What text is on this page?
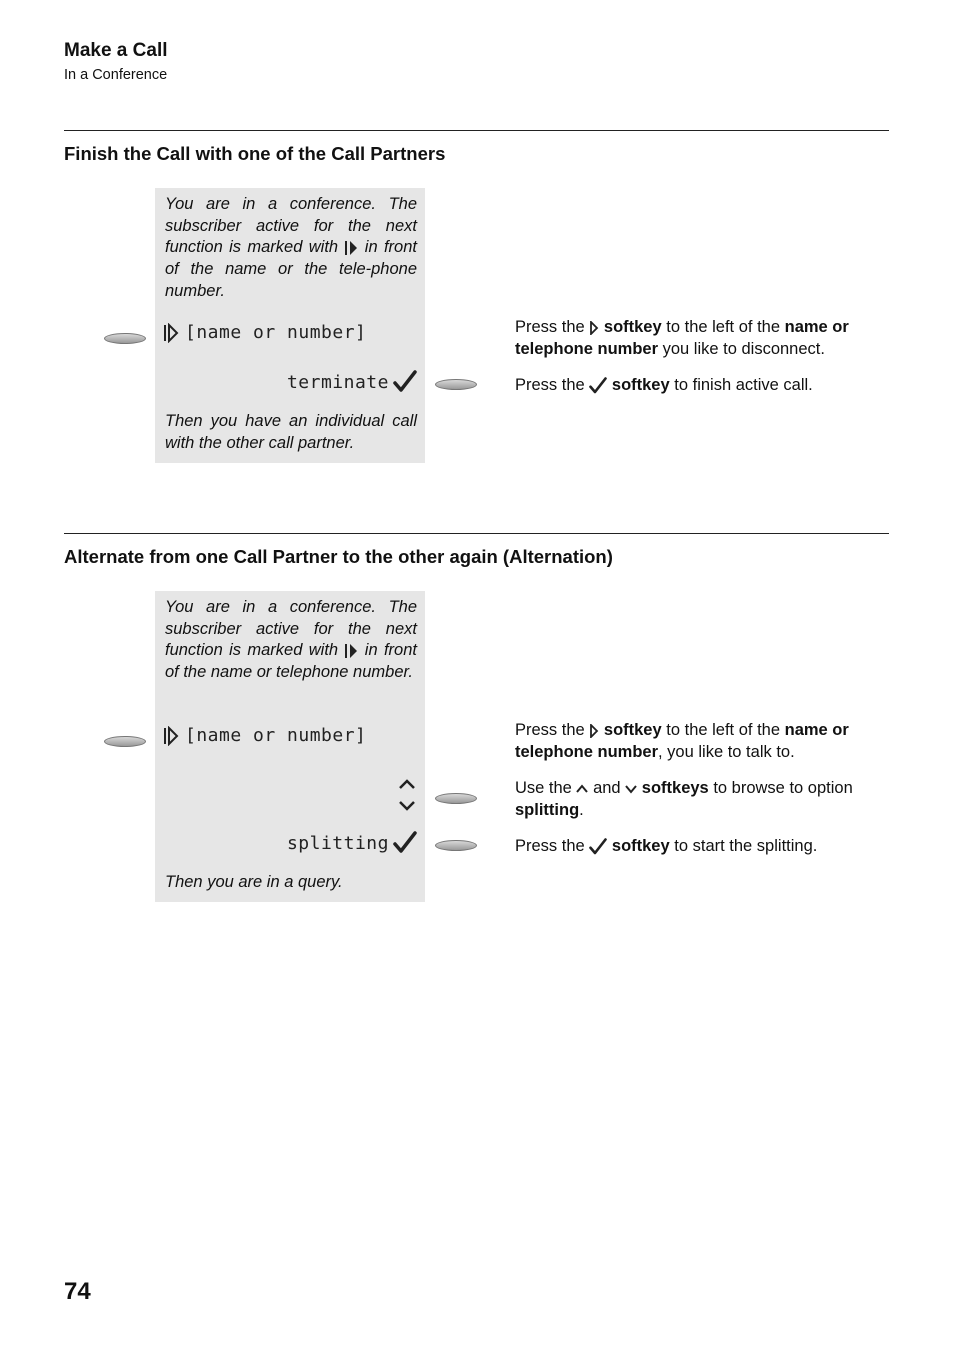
Make a Call
In a Conference
Finish the Call with one of the Call Partners
You are in a conference. The subscriber active for the next function is marked with in front of the name or the tele-phone number.
[name or number]
terminate
Then you have an individual call with the other call partner.
Press the softkey to the left of the name or telephone number you like to disconnect.
Press the softkey to finish active call.
Alternate from one Call Partner to the other again (Alternation)
You are in a conference. The subscriber active for the next function is marked with in front of the name or telephone number.
[name or number]
splitting
Then you are in a query.
Press the softkey to the left of the name or telephone number, you like to talk to.
Use the and softkeys to browse to option splitting.
Press the softkey to start the splitting.
74
